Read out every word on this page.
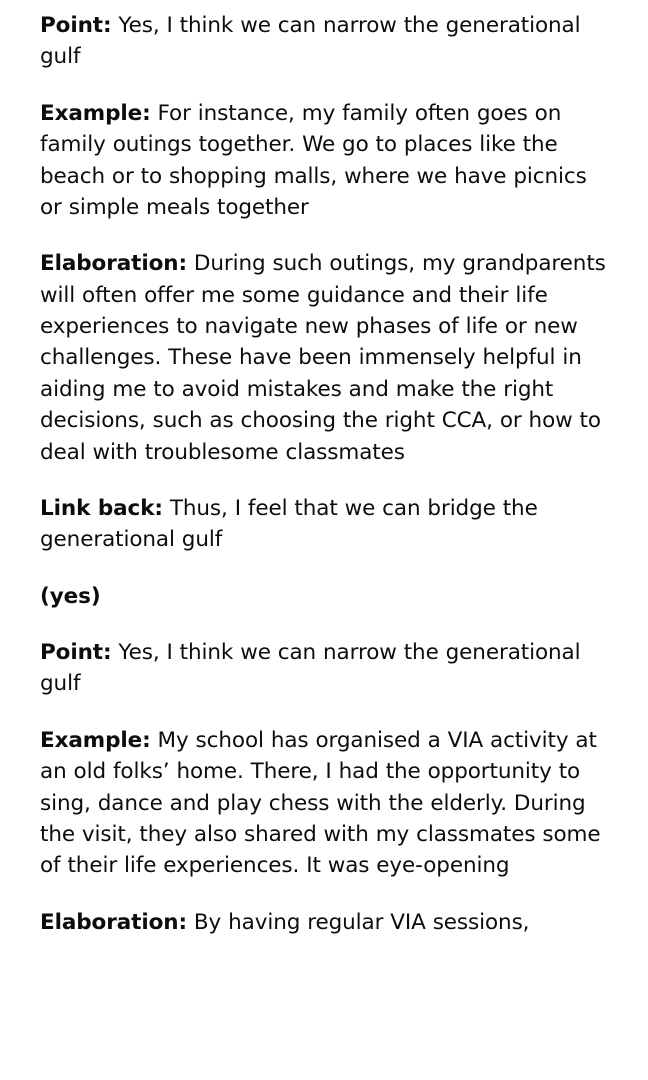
Point: Yes, I think we can narrow the generational gulf
Example: For instance, my family often goes on family outings together. We go to places like the beach or to shopping malls, where we have picnics or simple meals together
Elaboration: During such outings, my grandparents will often offer me some guidance and their life experiences to navigate new phases of life or new challenges. These have been immensely helpful in aiding me to avoid mistakes and make the right decisions, such as choosing the right CCA, or how to deal with troublesome classmates
Link back: Thus, I feel that we can bridge the generational gulf
(yes)
Point: Yes, I think we can narrow the generational gulf
Example: My school has organised a VIA activity at an old folks’ home. There, I had the opportunity to sing, dance and play chess with the elderly. During the visit, they also shared with my classmates some of their life experiences. It was eye-opening
Elaboration: By having regular VIA sessions,
